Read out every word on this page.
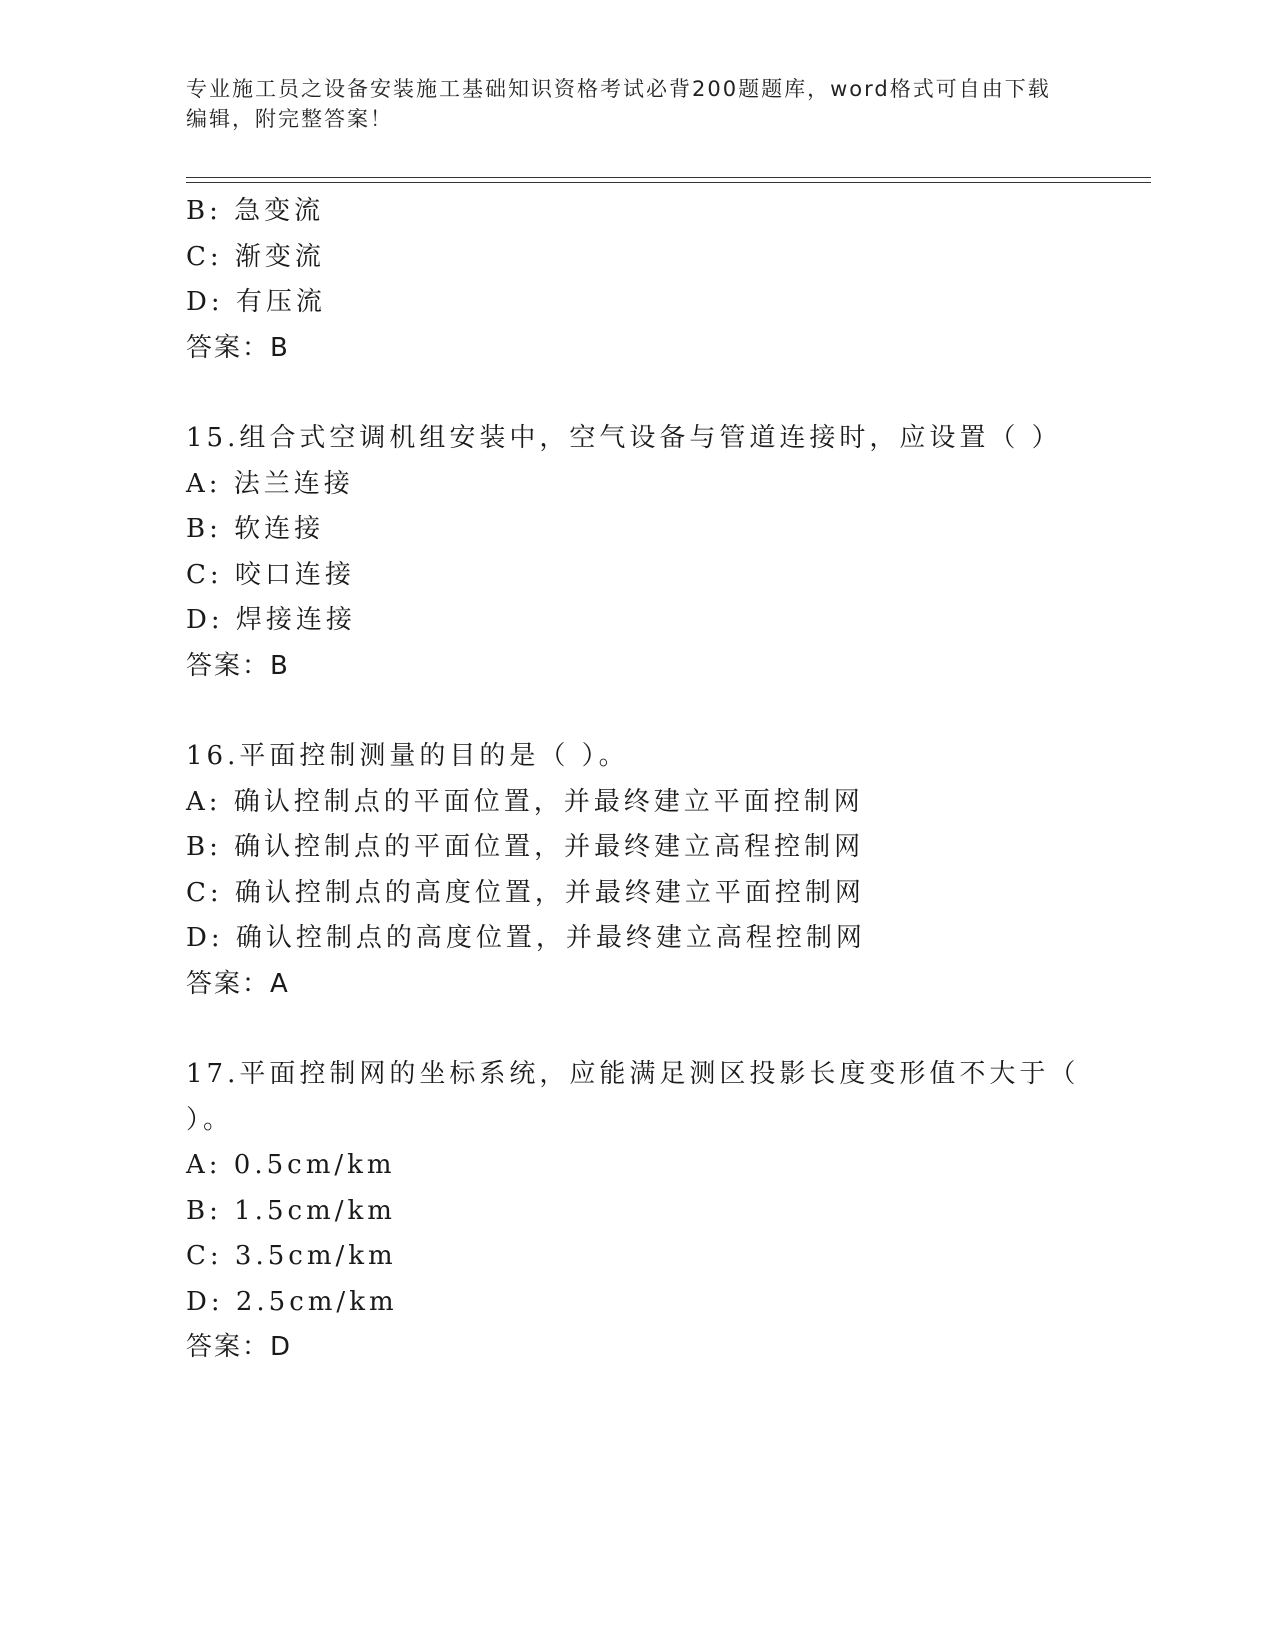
专业施工员之设备安装施工基础知识资格考试必背200题题库，word格式可自由下载编辑，附完整答案！
B: 急变流
C: 渐变流
D: 有压流
答案：B
15.组合式空调机组安装中，空气设备与管道连接时，应设置（ ）
A: 法兰连接
B: 软连接
C: 咬口连接
D: 焊接连接
答案：B
16.平面控制测量的目的是（ ）。
A: 确认控制点的平面位置，并最终建立平面控制网
B: 确认控制点的平面位置，并最终建立高程控制网
C: 确认控制点的高度位置，并最终建立平面控制网
D: 确认控制点的高度位置，并最终建立高程控制网
答案：A
17.平面控制网的坐标系统，应能满足测区投影长度变形值不大于（
）。
A: 0.5cm/km
B: 1.5cm/km
C: 3.5cm/km
D: 2.5cm/km
答案：D
